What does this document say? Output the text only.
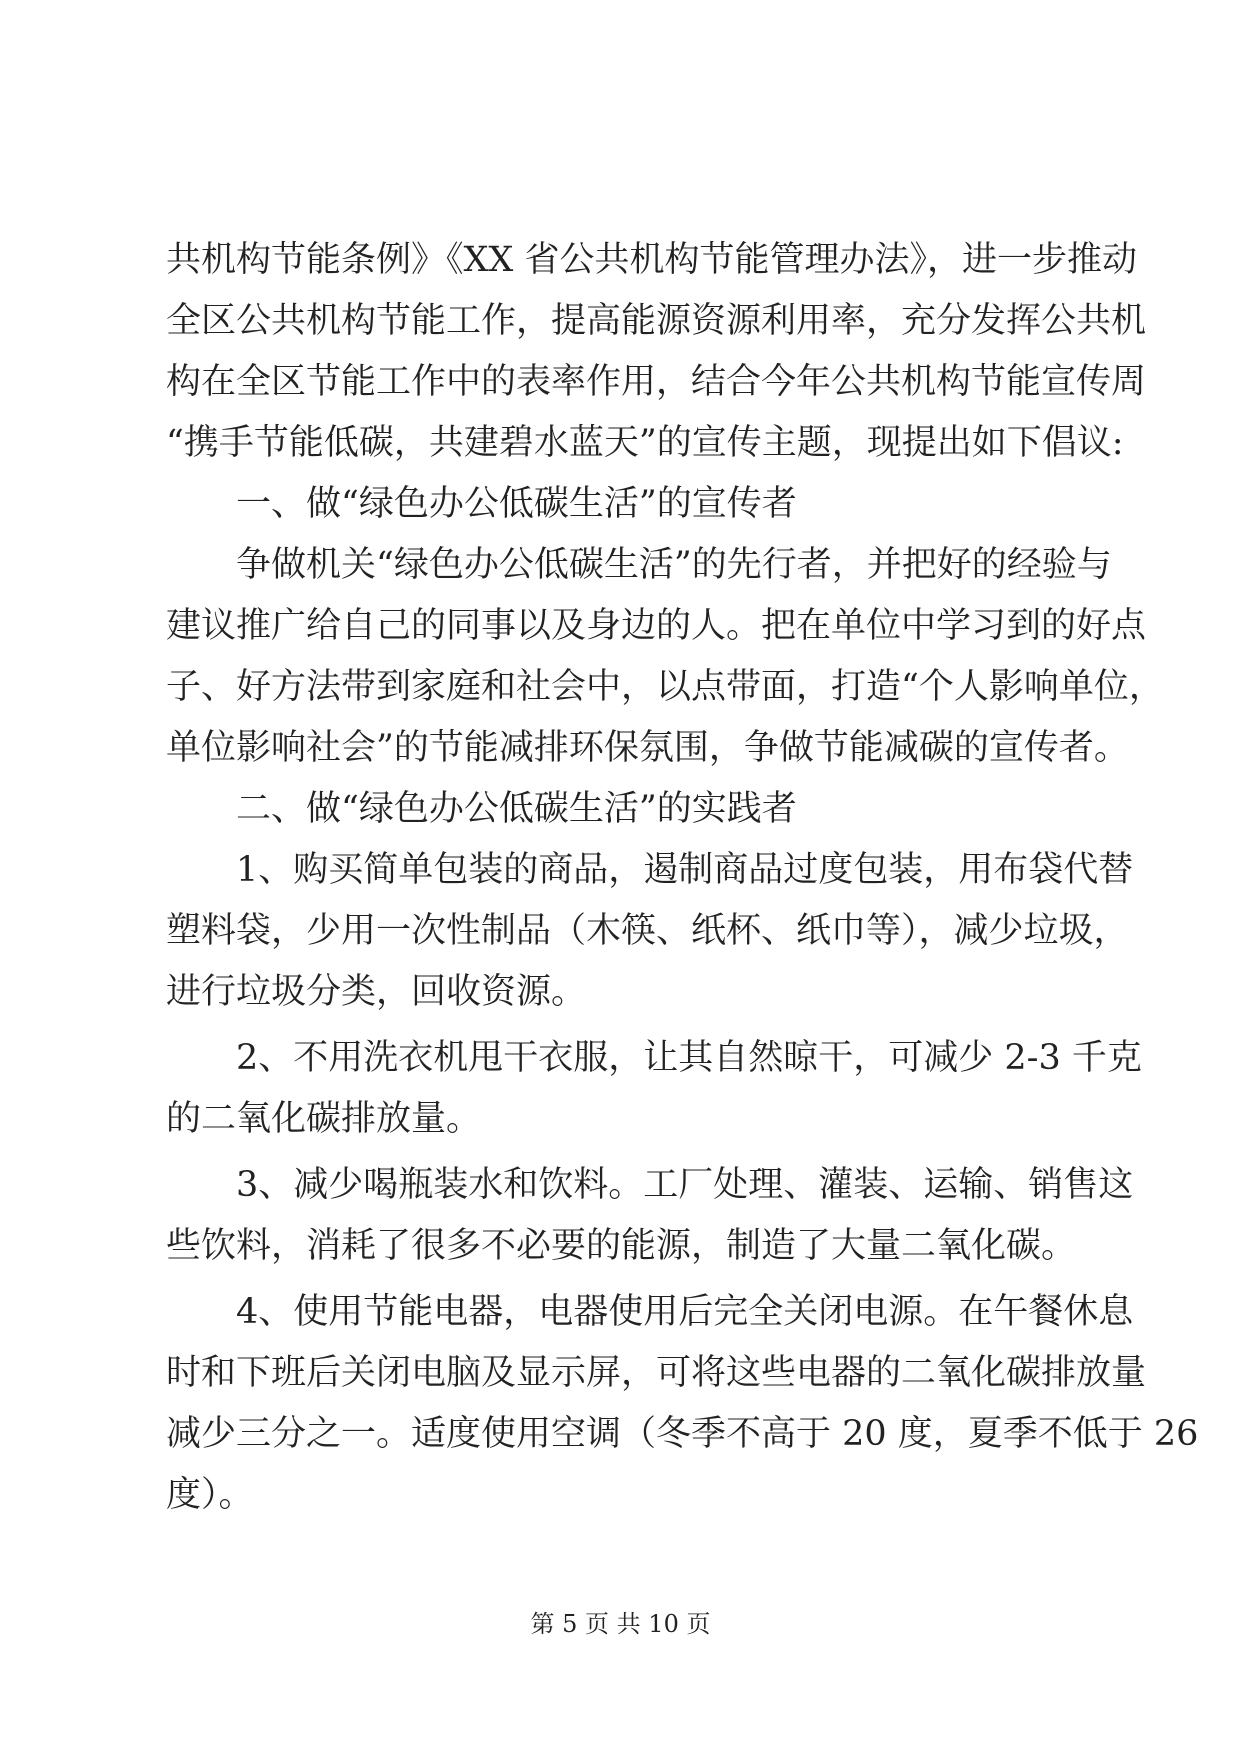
共机构节能条例》《XX 省公共机构节能管理办法》，进一步推动
全区公共机构节能工作，提高能源资源利用率，充分发挥公共机
构在全区节能工作中的表率作用，结合今年公共机构节能宣传周
“携手节能低碳，共建碧水蓝天”的宣传主题，现提出如下倡议:
　　一、做“绿色办公低碳生活”的宣传者
　　争做机关“绿色办公低碳生活”的先行者，并把好的经验与
建议推广给自己的同事以及身边的人。把在单位中学习到的好点
子、好方法带到家庭和社会中，以点带面，打造“个人影响单位，
单位影响社会”的节能减排环保氛围，争做节能减碳的宣传者。
　　二、做“绿色办公低碳生活”的实践者
　　1、购买简单包装的商品，遏制商品过度包装，用布袋代替
塑料袋，少用一次性制品（木筷、纸杯、纸巾等），减少垃圾，
进行垃圾分类，回收资源。
　　2、不用洗衣机甩干衣服，让其自然晾干，可减少 2-3 千克
的二氧化碳排放量。
　　3、减少喝瓶装水和饮料。工厂处理、灌装、运输、销售这
些饮料，消耗了很多不必要的能源，制造了大量二氧化碳。
　　4、使用节能电器，电器使用后完全关闭电源。在午餐休息
时和下班后关闭电脑及显示屏，可将这些电器的二氧化碳排放量
减少三分之一。适度使用空调（冬季不高于 20 度，夏季不低于 26
度）。
第 5 页 共 10 页
